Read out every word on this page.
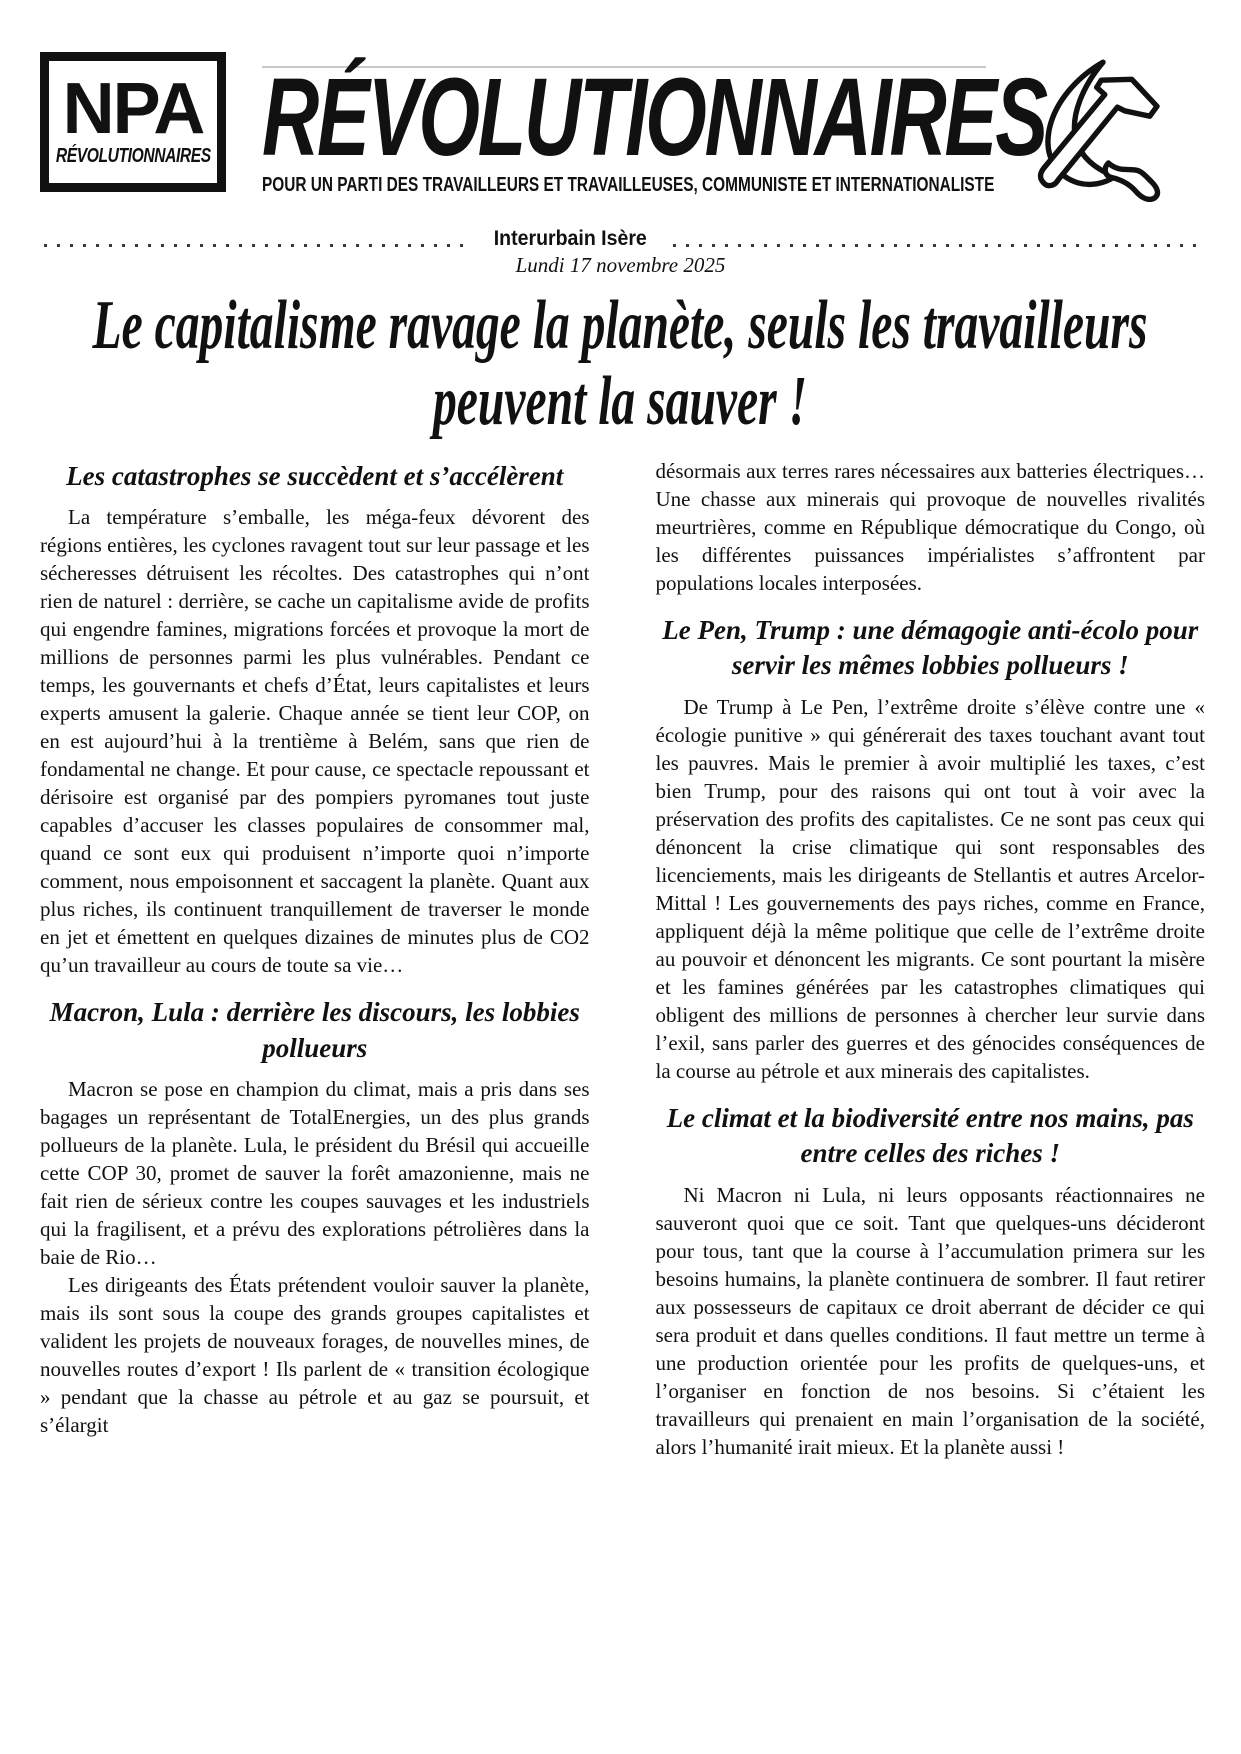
NPA
RÉVOLUTIONNAIRES RÉVOLUTIONNAIRES
POUR UN PARTI DES TRAVAILLEURS ET TRAVAILLEUSES, COMMUNISTE ET INTERNATIONALISTE
Interurbain Isère
Lundi 17 novembre 2025
Le capitalisme ravage la planète, seuls les travailleurs peuvent la sauver !
Les catastrophes se succèdent et s’accélèrent

La température s’emballe, les méga-feux dévorent des régions entières, les cyclones ravagent tout sur leur passage et les sécheresses détruisent les récoltes. Des catastrophes qui n’ont rien de naturel : derrière, se cache un capitalisme avide de profits qui engendre famines, migrations forcées et provoque la mort de millions de personnes parmi les plus vulnérables. Pendant ce temps, les gouvernants et chefs d’État, leurs capitalistes et leurs experts amusent la galerie. Chaque année se tient leur COP, on en est aujourd’hui à la trentième à Belém, sans que rien de fondamental ne change. Et pour cause, ce spectacle repoussant et dérisoire est organisé par des pompiers pyromanes tout juste capables d’accuser les classes populaires de consommer mal, quand ce sont eux qui produisent n’importe quoi n’importe comment, nous empoisonnent et saccagent la planète. Quant aux plus riches, ils continuent tranquillement de traverser le monde en jet et émettent en quelques dizaines de minutes plus de CO2 qu’un travailleur au cours de toute sa vie…

Macron, Lula : derrière les discours, les lobbies pollueurs

Macron se pose en champion du climat, mais a pris dans ses bagages un représentant de TotalEnergies, un des plus grands pollueurs de la planète. Lula, le président du Brésil qui accueille cette COP 30, promet de sauver la forêt amazonienne, mais ne fait rien de sérieux contre les coupes sauvages et les industriels qui la fragilisent, et a prévu des explorations pétrolières dans la baie de Rio…

Les dirigeants des États prétendent vouloir sauver la planète, mais ils sont sous la coupe des grands groupes capitalistes et valident les projets de nouveaux forages, de nouvelles mines, de nouvelles routes d’export ! Ils parlent de « transition écologique » pendant que la chasse au pétrole et au gaz se poursuit, et s’élargit

désormais aux terres rares nécessaires aux batteries électriques… Une chasse aux minerais qui provoque de nouvelles rivalités meurtrières, comme en République démocratique du Congo, où les différentes puissances impérialistes s’affrontent par populations locales interposées.

Le Pen, Trump : une démagogie anti-écolo pour servir les mêmes lobbies pollueurs !

De Trump à Le Pen, l’extrême droite s’élève contre une « écologie punitive » qui générerait des taxes touchant avant tout les pauvres. Mais le premier à avoir multiplié les taxes, c’est bien Trump, pour des raisons qui ont tout à voir avec la préservation des profits des capitalistes. Ce ne sont pas ceux qui dénoncent la crise climatique qui sont responsables des licenciements, mais les dirigeants de Stellantis et autres Arcelor-Mittal ! Les gouvernements des pays riches, comme en France, appliquent déjà la même politique que celle de l’extrême droite au pouvoir et dénoncent les migrants. Ce sont pourtant la misère et les famines générées par les catastrophes climatiques qui obligent des millions de personnes à chercher leur survie dans l’exil, sans parler des guerres et des génocides conséquences de la course au pétrole et aux minerais des capitalistes.

Le climat et la biodiversité entre nos mains, pas entre celles des riches !

Ni Macron ni Lula, ni leurs opposants réactionnaires ne sauveront quoi que ce soit. Tant que quelques-uns décideront pour tous, tant que la course à l’accumulation primera sur les besoins humains, la planète continuera de sombrer. Il faut retirer aux possesseurs de capitaux ce droit aberrant de décider ce qui sera produit et dans quelles conditions. Il faut mettre un terme à une production orientée pour les profits de quelques-uns, et l’organiser en fonction de nos besoins. Si c’étaient les travailleurs qui prenaient en main l’organisation de la société, alors l’humanité irait mieux. Et la planète aussi !
